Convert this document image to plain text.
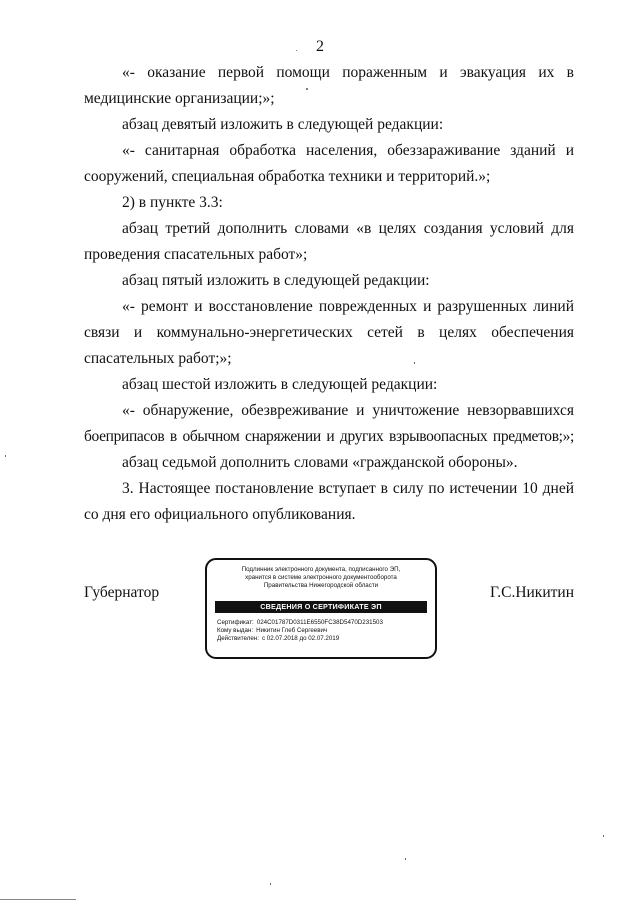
2
«- оказание первой помощи пораженным и эвакуация их в
медицинские организации;»;
абзац девятый изложить в следующей редакции:
«- санитарная обработка населения, обеззараживание зданий и
сооружений, специальная обработка техники и территорий.»;
2) в пункте 3.3:
абзац третий дополнить словами «в целях создания условий для
проведения спасательных работ»;
абзац пятый изложить в следующей редакции:
«- ремонт и восстановление поврежденных и разрушенных линий
связи и коммунально-энергетических сетей в целях обеспечения
спасательных работ;»;
абзац шестой изложить в следующей редакции:
«- обнаружение, обезвреживание и уничтожение невзорвавшихся
боеприпасов в обычном снаряжении и других взрывоопасных предметов;»;
абзац седьмой дополнить словами «гражданской обороны».
3. Настоящее постановление вступает в силу по истечении 10 дней
со дня его официального опубликования.
Губернатор
Подлинник электронного документа, подписанного ЭП,
хранится в системе электронного документооборота
Правительства Нижегородской области
СВЕДЕНИЯ О СЕРТИФИКАТЕ ЭП
Сертификат: 024C01787D0311E6550FC38D5470D231503
Кому выдан: Никитин Глеб Сергеевич
Действителен: с 02.07.2018 до 02.07.2019
Г.С.Никитин
